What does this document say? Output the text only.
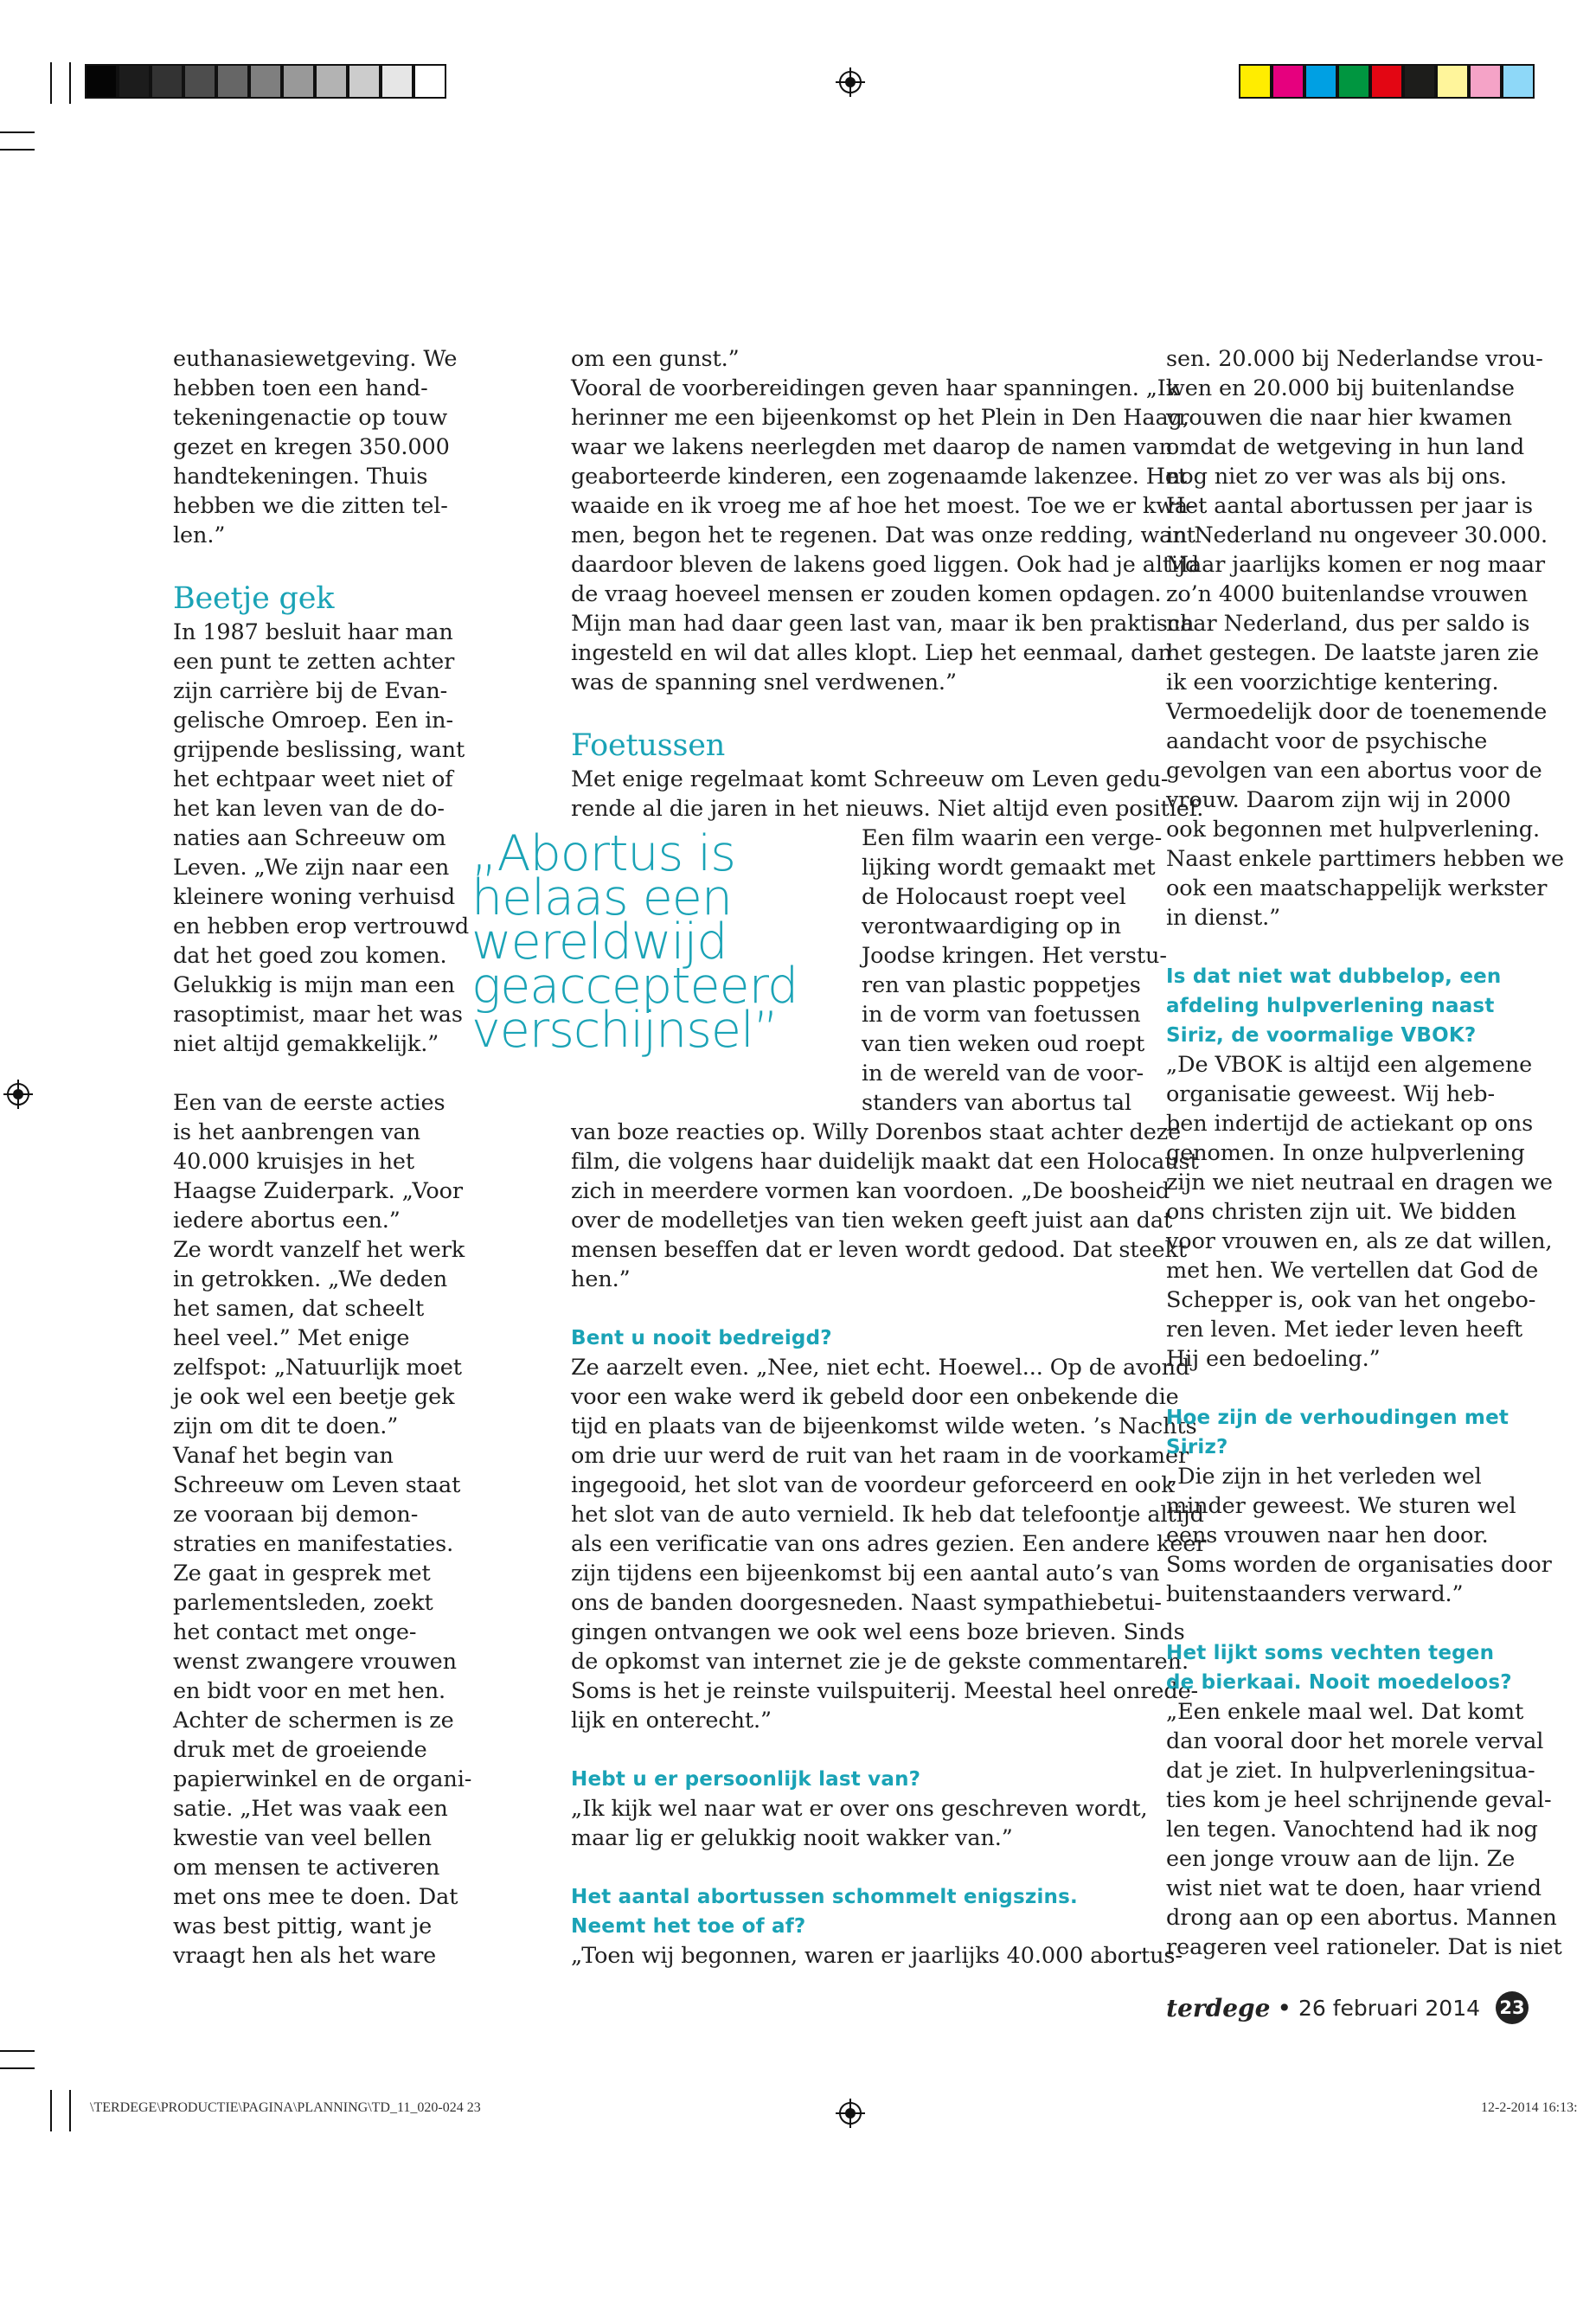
euthanasiewetgeving. We
hebben toen een hand-
tekeningenactie op touw
gezet en kregen 350.000
handtekeningen. Thuis
hebben we die zitten tel-
len.”

Beetje gek

In 1987 besluit haar man
een punt te zetten achter
zijn carrière bij de Evan-
gelische Omroep. Een in-
grijpende beslissing, want
het echtpaar weet niet of
het kan leven van de do-
naties aan Schreeuw om
Leven. „We zijn naar een
kleinere woning verhuisd
en hebben erop vertrouwd
dat het goed zou komen.
Gelukkig is mijn man een
rasoptimist, maar het was
niet altijd gemakkelijk.”

Een van de eerste acties
is het aanbrengen van
40.000 kruisjes in het
Haagse Zuiderpark. „Voor
iedere abortus een.”
Ze wordt vanzelf het werk
in getrokken. „We deden
het samen, dat scheelt
heel veel.” Met enige
zelfspot: „Natuurlijk moet
je ook wel een beetje gek
zijn om dit te doen.”
Vanaf het begin van
Schreeuw om Leven staat
ze vooraan bij demon-
straties en manifestaties.
Ze gaat in gesprek met
parlementsleden, zoekt
het contact met onge-
wenst zwangere vrouwen
en bidt voor en met hen.
Achter de schermen is ze
druk met de groeiende
papierwinkel en de organi-
satie. „Het was vaak een
kwestie van veel bellen
om mensen te activeren
met ons mee te doen. Dat
was best pittig, want je
vraagt hen als het ware

om een gunst.”
Vooral de voorbereidingen geven haar spanningen. „Ik
herinner me een bijeenkomst op het Plein in Den Haag,
waar we lakens neerlegden met daarop de namen van
geaborteerde kinderen, een zogenaamde lakenzee. Het
waaide en ik vroeg me af hoe het moest. Toe we er kwa-
men, begon het te regenen. Dat was onze redding, want
daardoor bleven de lakens goed liggen. Ook had je altijd
de vraag hoeveel mensen er zouden komen opdagen.
Mijn man had daar geen last van, maar ik ben praktisch
ingesteld en wil dat alles klopt. Liep het eenmaal, dan
was de spanning snel verdwenen.”

Foetussen

Met enige regelmaat komt Schreeuw om Leven gedu-
rende al die jaren in het nieuws. Niet altijd even positief.

Een film waarin een verge-
lijking wordt gemaakt met
de Holocaust roept veel
verontwaardiging op in
Joodse kringen. Het verstu-
ren van plastic poppetjes
in de vorm van foetussen
van tien weken oud roept
in de wereld van de voor-
standers van abortus tal

van boze reacties op. Willy Dorenbos staat achter deze
film, die volgens haar duidelijk maakt dat een Holocaust
zich in meerdere vormen kan voordoen. „De boosheid
over de modelletjes van tien weken geeft juist aan dat
mensen beseffen dat er leven wordt gedood. Dat steekt
hen.”

Bent u nooit bedreigd?

Ze aarzelt even. „Nee, niet echt. Hoewel... Op de avond
voor een wake werd ik gebeld door een onbekende die
tijd en plaats van de bijeenkomst wilde weten. ’s Nachts
om drie uur werd de ruit van het raam in de voorkamer
ingegooid, het slot van de voordeur geforceerd en ook
het slot van de auto vernield. Ik heb dat telefoontje altijd
als een verificatie van ons adres gezien. Een andere keer
zijn tijdens een bijeenkomst bij een aantal auto’s van
ons de banden doorgesneden. Naast sympathiebetui-
gingen ontvangen we ook wel eens boze brieven. Sinds
de opkomst van internet zie je de gekste commentaren.
Soms is het je reinste vuilspuiterij. Meestal heel onrede-
lijk en onterecht.”

Hebt u er persoonlijk last van?

„Ik kijk wel naar wat er over ons geschreven wordt,
maar lig er gelukkig nooit wakker van.”

Het aantal abortussen schommelt enigszins.
Neemt het toe of af?

„Toen wij begonnen, waren er jaarlijks 40.000 abortus-

„Abortus is
helaas een
wereldwijd
geaccepteerd
verschijnsel”

sen. 20.000 bij Nederlandse vrou-
wen en 20.000 bij buitenlandse
vrouwen die naar hier kwamen
omdat de wetgeving in hun land
nog niet zo ver was als bij ons.
Het aantal abortussen per jaar is
in Nederland nu ongeveer 30.000.
Maar jaarlijks komen er nog maar
zo’n 4000 buitenlandse vrouwen
naar Nederland, dus per saldo is
het gestegen. De laatste jaren zie
ik een voorzichtige kentering.
Vermoedelijk door de toenemende
aandacht voor de psychische
gevolgen van een abortus voor de
vrouw. Daarom zijn wij in 2000
ook begonnen met hulpverlening.
Naast enkele parttimers hebben we
ook een maatschappelijk werkster
in dienst.”

Is dat niet wat dubbelop, een
afdeling hulpverlening naast
Siriz, de voormalige VBOK?

„De VBOK is altijd een algemene
organisatie geweest. Wij heb-
ben indertijd de actiekant op ons
genomen. In onze hulpverlening
zijn we niet neutraal en dragen we
ons christen zijn uit. We bidden
voor vrouwen en, als ze dat willen,
met hen. We vertellen dat God de
Schepper is, ook van het ongebo-
ren leven. Met ieder leven heeft
Hij een bedoeling.”

Hoe zijn de verhoudingen met
Siriz?

„Die zijn in het verleden wel
minder geweest. We sturen wel
eens vrouwen naar hen door.
Soms worden de organisaties door
buitenstaanders verward.”

Het lijkt soms vechten tegen
de bierkaai. Nooit moedeloos?

„Een enkele maal wel. Dat komt
dan vooral door het morele verval
dat je ziet. In hulpverleningsitua-
ties kom je heel schrijnende geval-
len tegen. Vanochtend had ik nog
een jonge vrouw aan de lijn. Ze
wist niet wat te doen, haar vriend
drong aan op een abortus. Mannen
reageren veel rationeler. Dat is niet

terdege • 26 februari 2014 23
\TERDEGE\PRODUCTIE\PAGINA\PLANNING\TD_11_020-024 23	12-2-2014 16:13:
